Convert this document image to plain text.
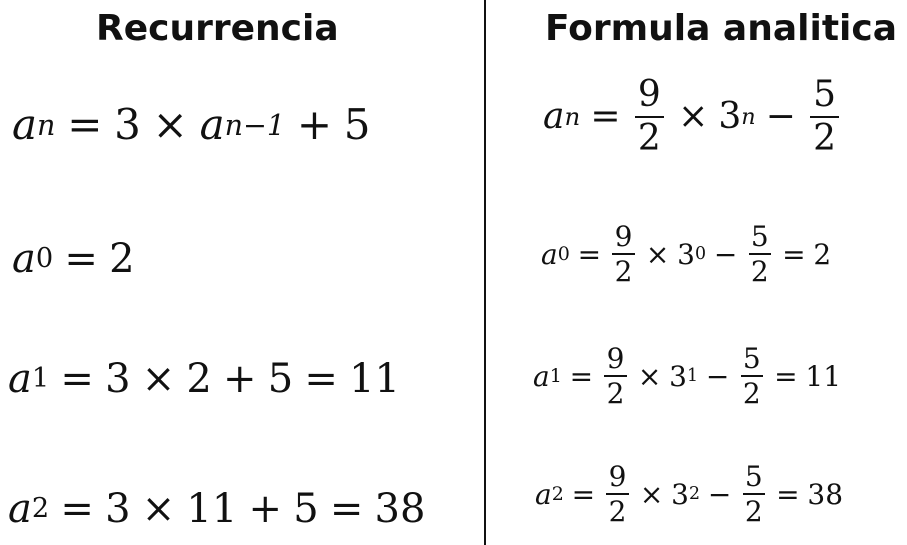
Recurrencia	Formula analitica
a n = 3 × a n−1 + 5
a 0 = 2
a 1 = 3 × 2 + 5 = 11
a 2 = 3 × 11 + 5 = 38
a $n = \frac{9}{2} \times 3$ $n - \frac{5}{2}$
a $0 = \frac{9}{2} \times 3$ $0 - \frac{5}{2} = 2$
a $1 = \frac{9}{2} \times 3$ $1 - \frac{5}{2} = 11$
a $2 = \frac{9}{2} \times 3$ $2 - \frac{5}{2} = 38$
